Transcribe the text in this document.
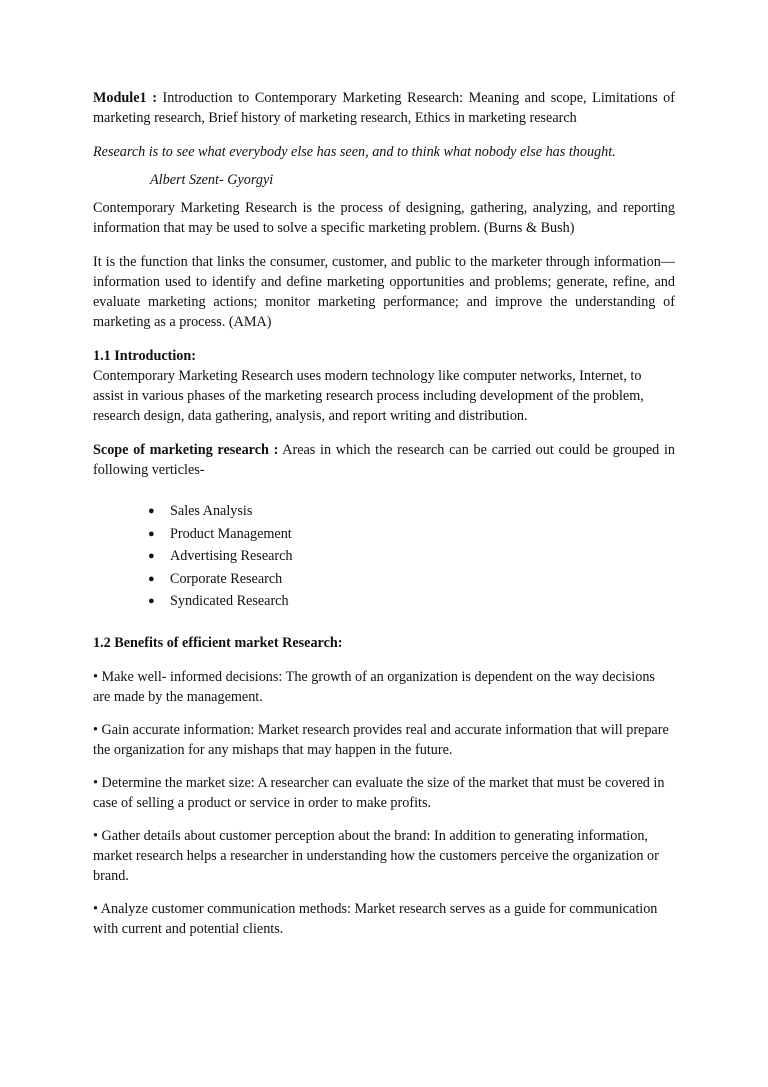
Module1 : Introduction to Contemporary Marketing Research: Meaning and scope, Limitations of marketing research, Brief history of marketing research, Ethics in marketing research

Research is to see what everybody else has seen, and to think what nobody else has thought.

Albert Szent- Gyorgyi

Contemporary Marketing Research is the process of designing, gathering, analyzing, and reporting information that may be used to solve a specific marketing problem. (Burns & Bush)

It is the function that links the consumer, customer, and public to the marketer through information—information used to identify and define marketing opportunities and problems; generate, refine, and evaluate marketing actions; monitor marketing performance; and improve the understanding of marketing as a process. (AMA)

1.1 Introduction:

Contemporary Marketing Research uses modern technology like computer networks, Internet, to assist in various phases of the marketing research process including development of the problem, research design, data gathering, analysis, and report writing and distribution.

Scope of marketing research : Areas in which the research can be carried out could be grouped in following verticles-

● Sales Analysis
● Product Management
● Advertising Research
● Corporate Research
● Syndicated Research

1.2 Benefits of efficient market Research:

• Make well- informed decisions: The growth of an organization is dependent on the way decisions are made by the management.

• Gain accurate information: Market research provides real and accurate information that will prepare the organization for any mishaps that may happen in the future.

• Determine the market size: A researcher can evaluate the size of the market that must be covered in case of selling a product or service in order to make profits.

• Gather details about customer perception about the brand: In addition to generating information, market research helps a researcher in understanding how the customers perceive the organization or brand.

• Analyze customer communication methods: Market research serves as a guide for communication with current and potential clients.
